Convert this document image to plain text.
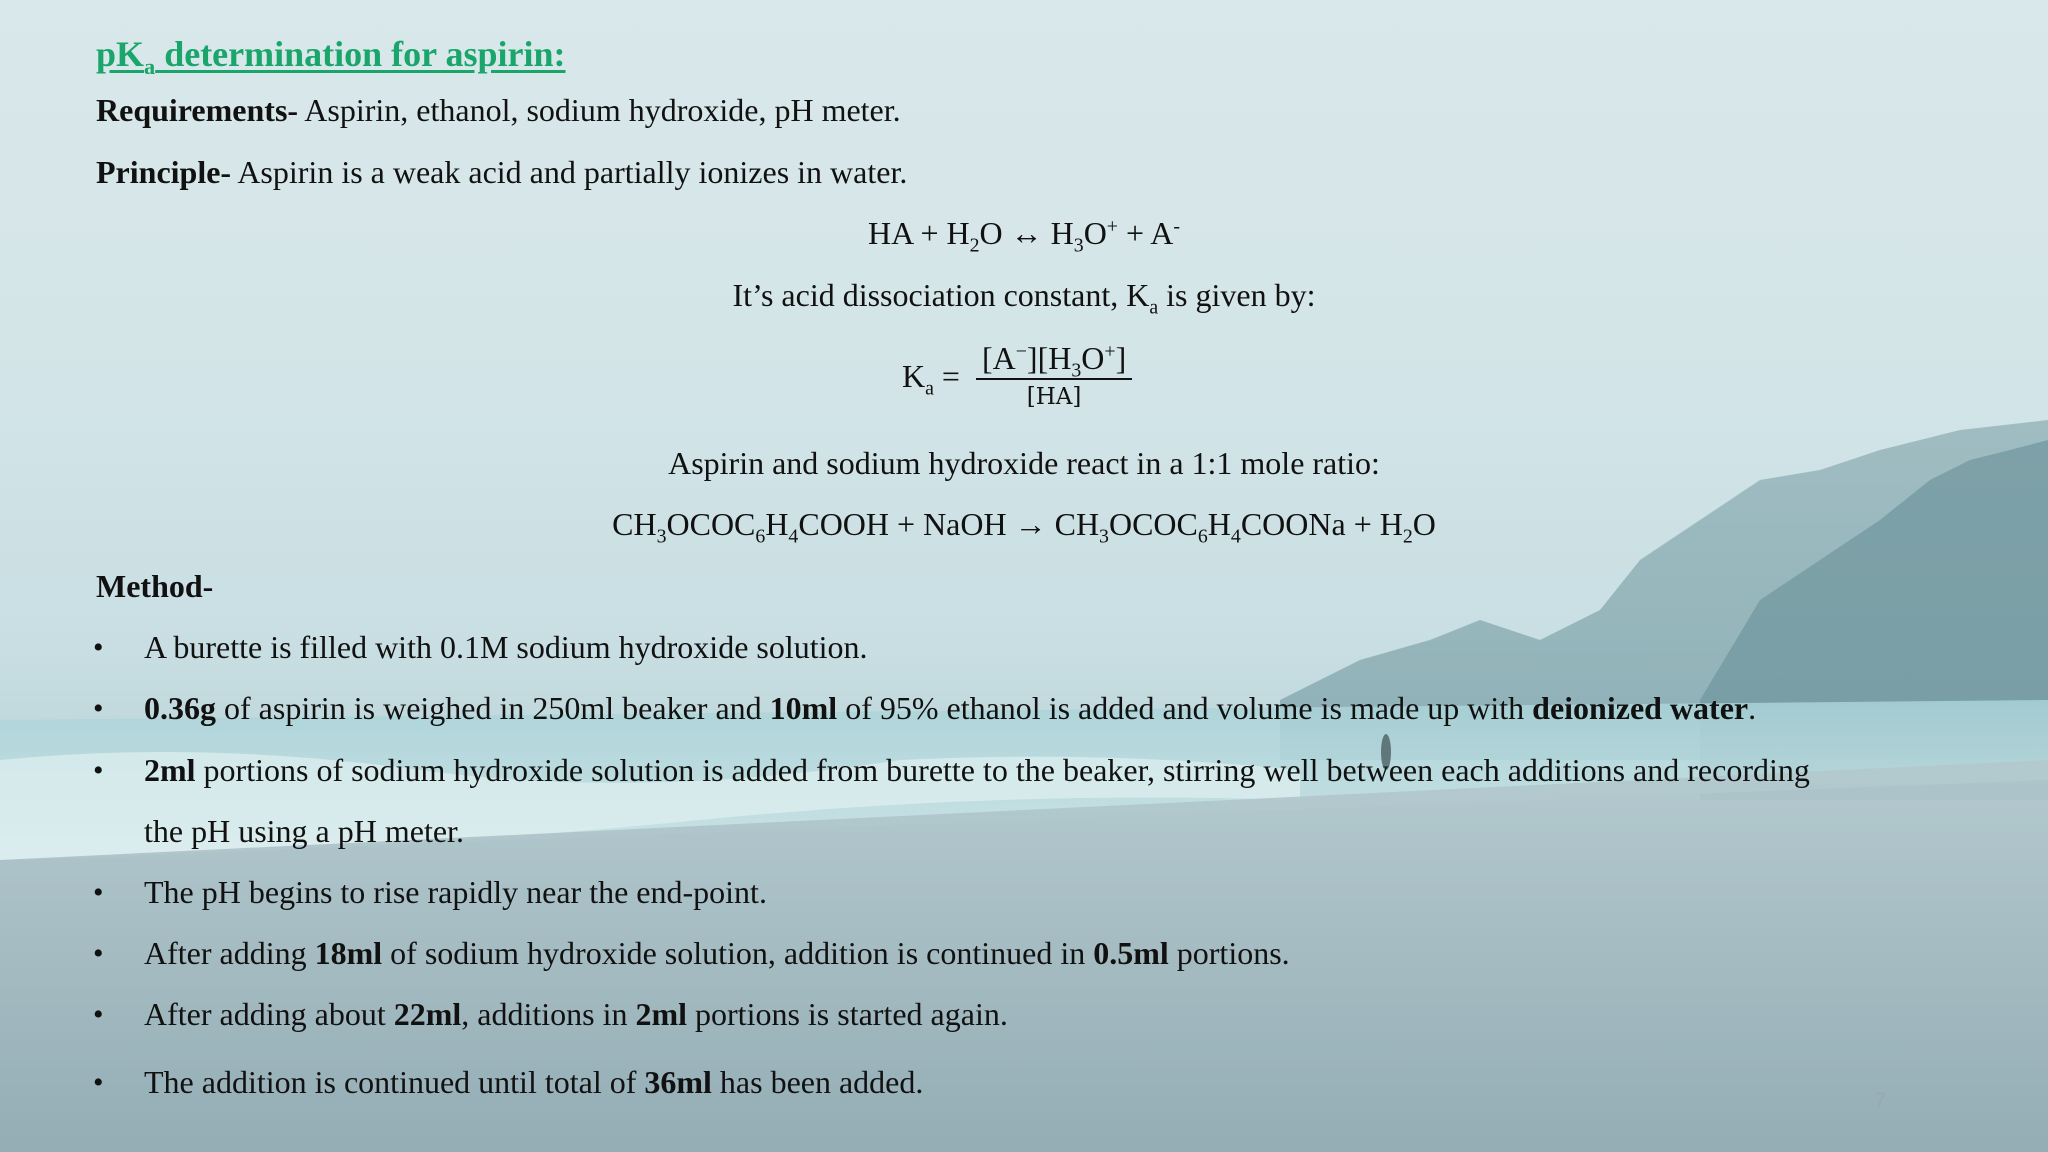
$pK_a$ determination for aspirin:
Requirements- Aspirin, ethanol, sodium hydroxide, pH meter.
Principle- Aspirin is a weak acid and partially ionizes in water.
HA + $H_2O$ ↔ $H_3O^+ + A^-$
It’s acid dissociation constant, $K_a$ is given by:
$K_a = \frac{[A^-][H_3O^+]}{[HA]}$
Aspirin and sodium hydroxide react in a 1:1 mole ratio:
$CH_3OCOC_6H_4COOH$ + NaOH → $CH_3OCOC_6H_4COONa + H_2O$
Method-
• A burette is filled with 0.1M sodium hydroxide solution.
• 0.36g of aspirin is weighed in 250ml beaker and 10ml of 95% ethanol is added and volume is made up with deionized water.
• 2ml portions of sodium hydroxide solution is added from burette to the beaker, stirring well between each additions and recording
the pH using a pH meter.
• The pH begins to rise rapidly near the end-point.
• After adding 18ml of sodium hydroxide solution, addition is continued in 0.5ml portions.
• After adding about 22ml, additions in 2ml portions is started again.
• The addition is continued until total of 36ml has been added.
7
